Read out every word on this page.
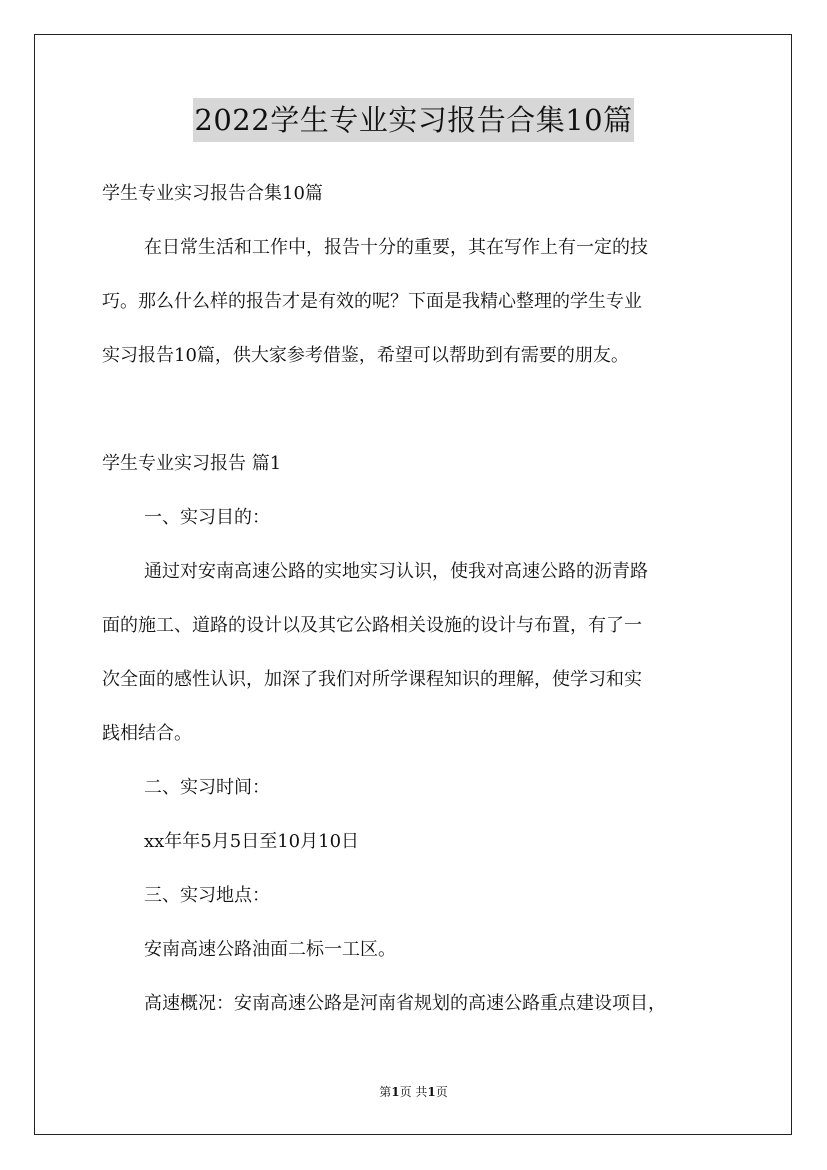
2022学生专业实习报告合集10篇
学生专业实习报告合集10篇
在日常生活和工作中，报告十分的重要，其在写作上有一定的技
巧。那么什么样的报告才是有效的呢？下面是我精心整理的学生专业
实习报告10篇，供大家参考借鉴，希望可以帮助到有需要的朋友。
学生专业实习报告 篇1
一、实习目的：
通过对安南高速公路的实地实习认识，使我对高速公路的沥青路
面的施工、道路的设计以及其它公路相关设施的设计与布置，有了一
次全面的感性认识，加深了我们对所学课程知识的理解，使学习和实
践相结合。
二、实习时间：
xx年年5月5日至10月10日
三、实习地点：
安南高速公路油面二标一工区。
高速概况：安南高速公路是河南省规划的高速公路重点建设项目，
第1页 共1页
